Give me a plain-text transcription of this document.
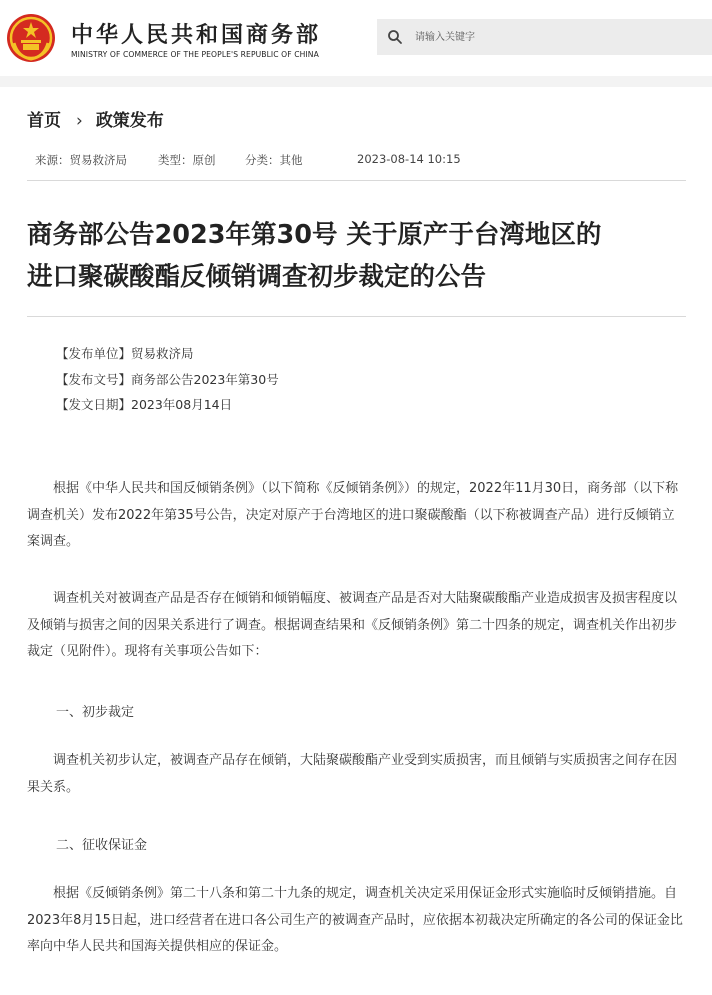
中华人民共和国商务部
MINISTRY OF COMMERCE OF THE PEOPLE'S REPUBLIC OF CHINA
请输入关键字
首页 › 政策发布
来源：贸易救济局	类型：原创	分类：其他	2023-08-14 10:15
商务部公告2023年第30号 关于原产于台湾地区的
进口聚碳酸酯反倾销调查初步裁定的公告
【发布单位】贸易救济局
【发布文号】商务部公告2023年第30号
【发文日期】2023年08月14日
　　根据《中华人民共和国反倾销条例》（以下简称《反倾销条例》）的规定，2022年11月30日，商务部（以下称调查机关）发布2022年第35号公告，决定对原产于台湾地区的进口聚碳酸酯（以下称被调查产品）进行反倾销立案调查。
　　调查机关对被调查产品是否存在倾销和倾销幅度、被调查产品是否对大陆聚碳酸酯产业造成损害及损害程度以及倾销与损害之间的因果关系进行了调查。根据调查结果和《反倾销条例》第二十四条的规定，调查机关作出初步裁定（见附件）。现将有关事项公告如下：
一、初步裁定
　　调查机关初步认定，被调查产品存在倾销，大陆聚碳酸酯产业受到实质损害，而且倾销与实质损害之间存在因果关系。
二、征收保证金
　　根据《反倾销条例》第二十八条和第二十九条的规定，调查机关决定采用保证金形式实施临时反倾销措施。自2023年8月15日起，进口经营者在进口各公司生产的被调查产品时，应依据本初裁决定所确定的各公司的保证金比率向中华人民共和国海关提供相应的保证金。
